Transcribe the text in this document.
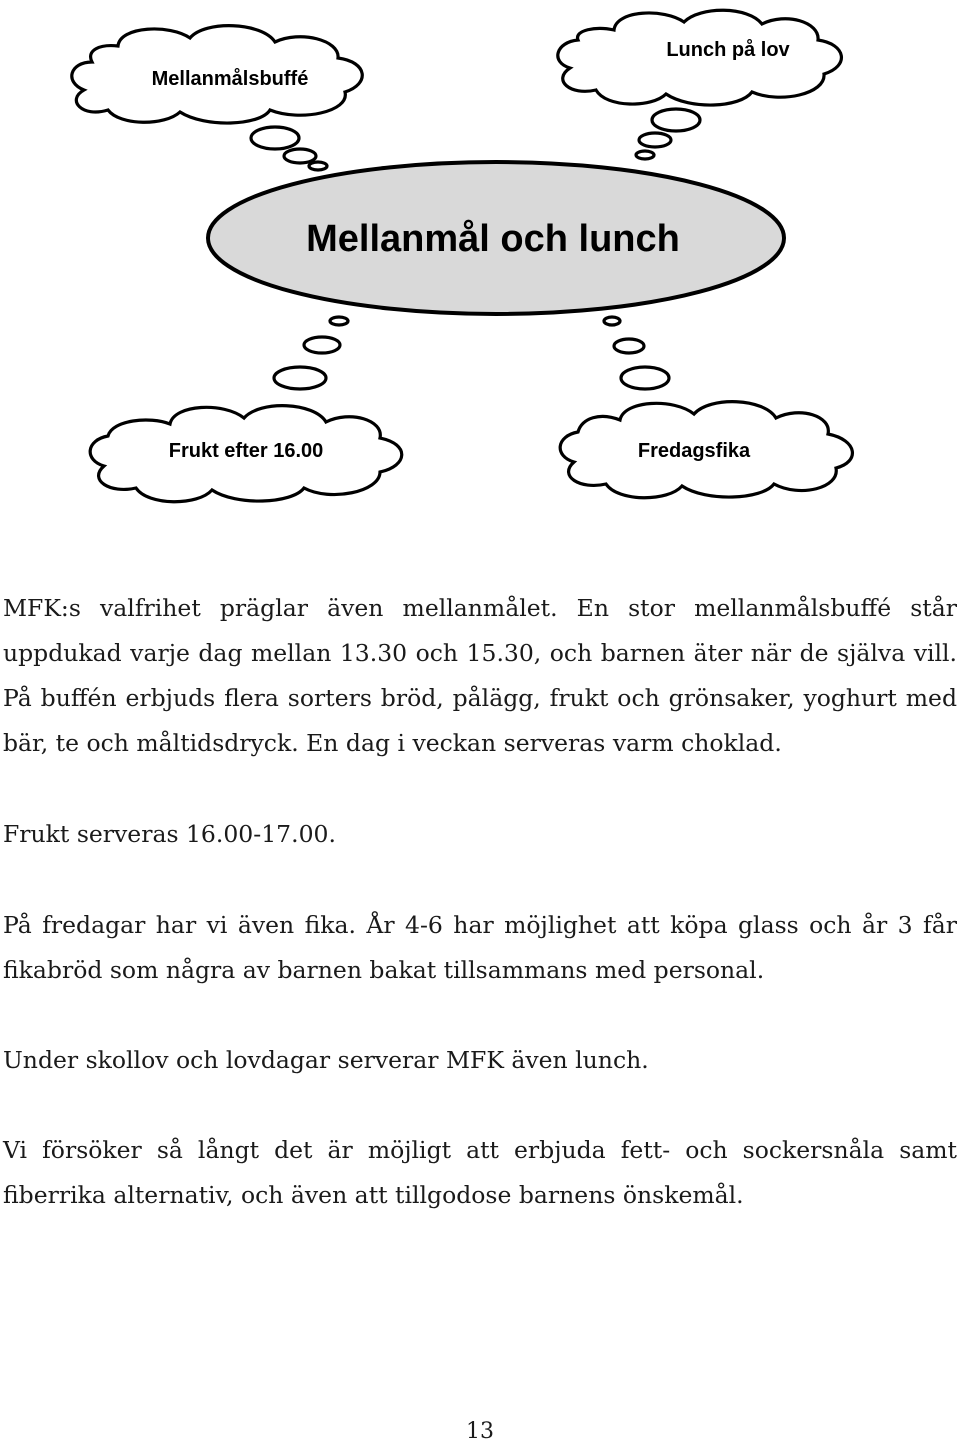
Mellanmålsbuffé
Lunch på lov
Mellanmål och lunch
Frukt efter 16.00	Fredagsfika

MFK:s valfrihet präglar även mellanmålet. En stor mellanmålsbuffé står uppdukad varje dag mellan 13.30 och 15.30, och barnen äter när de själva vill. På buffén erbjuds flera sorters bröd, pålägg, frukt och grönsaker, yoghurt med bär, te och måltidsdryck. En dag i veckan serveras varm choklad.

Frukt serveras 16.00-17.00.

På fredagar har vi även fika. År 4-6 har möjlighet att köpa glass och år 3 får fikabröd som några av barnen bakat tillsammans med personal.

Under skollov och lovdagar serverar MFK även lunch.

Vi försöker så långt det är möjligt att erbjuda fett- och sockersnåla samt fiberrika alternativ, och även att tillgodose barnens önskemål.

13
